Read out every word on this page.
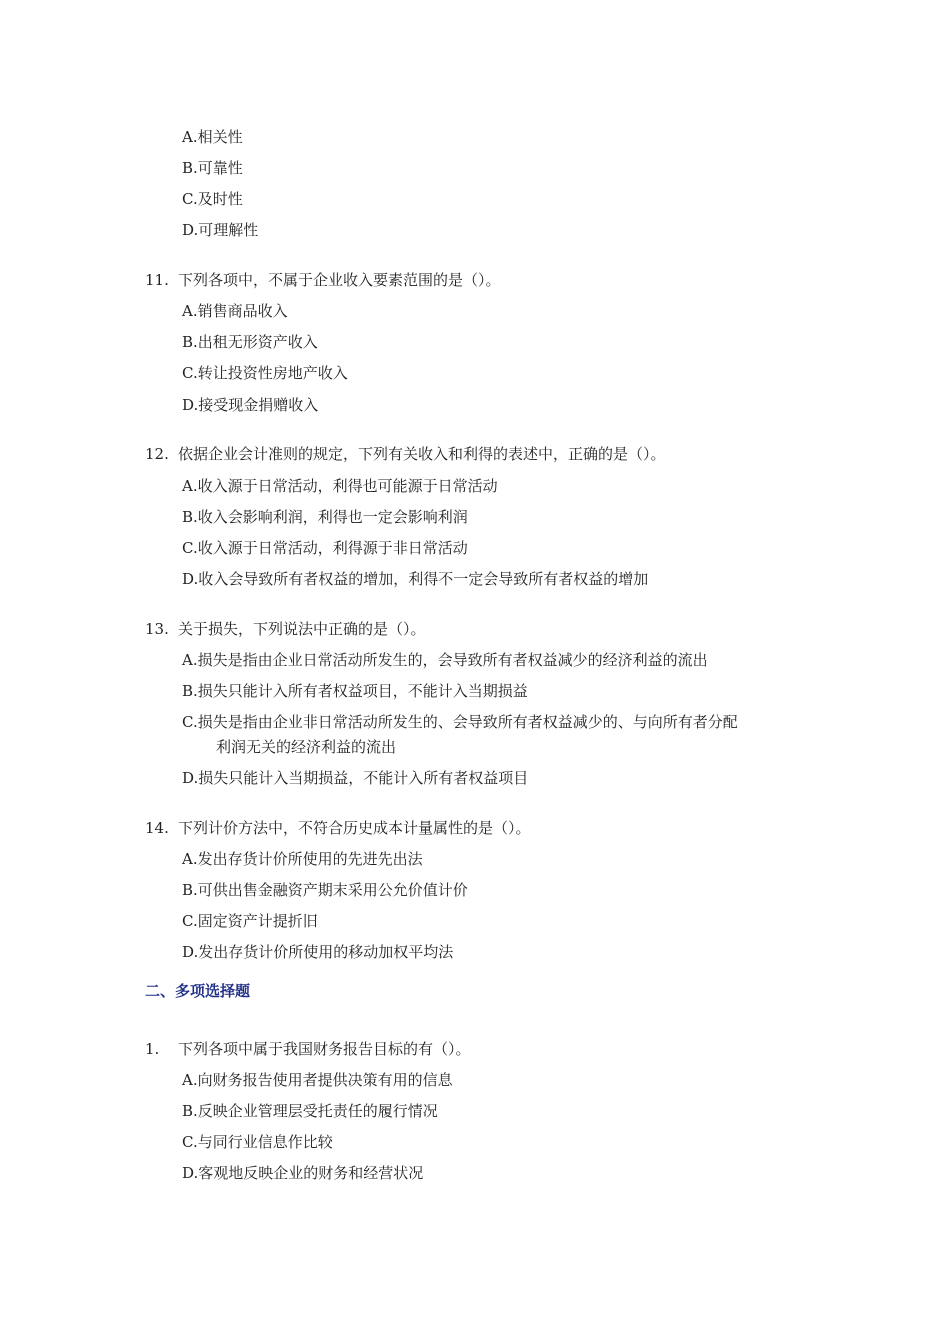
A.相关性
B.可靠性
C.及时性
D.可理解性
11. 下列各项中，不属于企业收入要素范围的是（）。
A.销售商品收入
B.出租无形资产收入
C.转让投资性房地产收入
D.接受现金捐赠收入
12. 依据企业会计准则的规定，下列有关收入和利得的表述中，正确的是（）。
A.收入源于日常活动，利得也可能源于日常活动
B.收入会影响利润，利得也一定会影响利润
C.收入源于日常活动，利得源于非日常活动
D.收入会导致所有者权益的增加，利得不一定会导致所有者权益的增加
13. 关于损失，下列说法中正确的是（）。
A.损失是指由企业日常活动所发生的，会导致所有者权益减少的经济利益的流出
B.损失只能计入所有者权益项目，不能计入当期损益
C.损失是指由企业非日常活动所发生的、会导致所有者权益减少的、与向所有者分配
利润无关的经济利益的流出
D.损失只能计入当期损益，不能计入所有者权益项目
14. 下列计价方法中，不符合历史成本计量属性的是（）。
A.发出存货计价所使用的先进先出法
B.可供出售金融资产期末采用公允价值计价
C.固定资产计提折旧
D.发出存货计价所使用的移动加权平均法
二、多项选择题
1. 下列各项中属于我国财务报告目标的有（）。
A.向财务报告使用者提供决策有用的信息
B.反映企业管理层受托责任的履行情况
C.与同行业信息作比较
D.客观地反映企业的财务和经营状况
